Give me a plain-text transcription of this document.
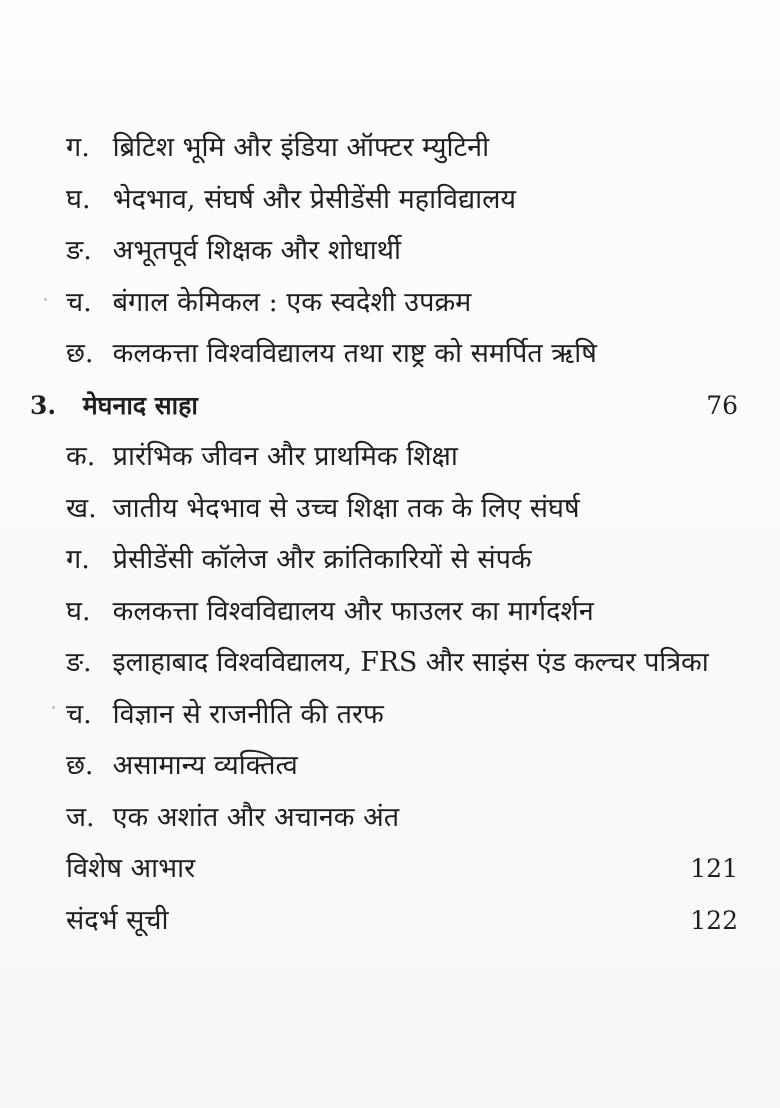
ग. ब्रिटिश भूमि और इंडिया ऑफ्टर म्युटिनी
घ. भेदभाव, संघर्ष और प्रेसीडेंसी महाविद्यालय
ङ. अभूतपूर्व शिक्षक और शोधार्थी
च. बंगाल केमिकल : एक स्वदेशी उपक्रम
छ. कलकत्ता विश्वविद्यालय तथा राष्ट्र को समर्पित ऋषि
3. मेघनाद साहा	76
क. प्रारंभिक जीवन और प्राथमिक शिक्षा
ख. जातीय भेदभाव से उच्च शिक्षा तक के लिए संघर्ष
ग. प्रेसीडेंसी कॉलेज और क्रांतिकारियों से संपर्क
घ. कलकत्ता विश्वविद्यालय और फाउलर का मार्गदर्शन
ङ. इलाहाबाद विश्वविद्यालय, FRS और साइंस एंड कल्चर पत्रिका
च. विज्ञान से राजनीति की तरफ
छ. असामान्य व्यक्तित्व
ज. एक अशांत और अचानक अंत
विशेष आभार	121
संदर्भ सूची	122
